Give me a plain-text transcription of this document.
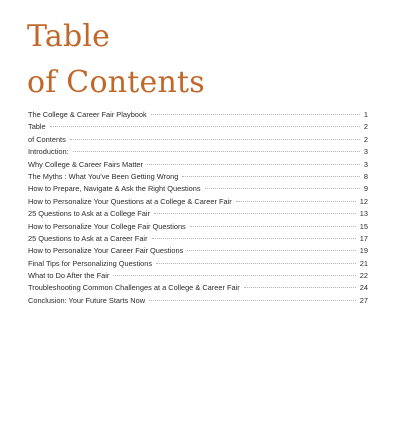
Table
of Contents
The College & Career Fair Playbook	1
Table	2
of Contents	2
Introduction:	3
Why College & Career Fairs Matter	3
The Myths : What You've Been Getting Wrong	8
How to Prepare, Navigate & Ask the Right Questions	9
How to Personalize Your Questions at a College & Career Fair	12
25 Questions to Ask at a College Fair	13
How to Personalize Your College Fair Questions	15
25 Questions to Ask at a Career Fair	17
How to Personalize Your Career Fair Questions	19
Final Tips for Personalizing Questions	21
What to Do After the Fair	22
Troubleshooting Common Challenges at a College & Career Fair	24
Conclusion: Your Future Starts Now	27
